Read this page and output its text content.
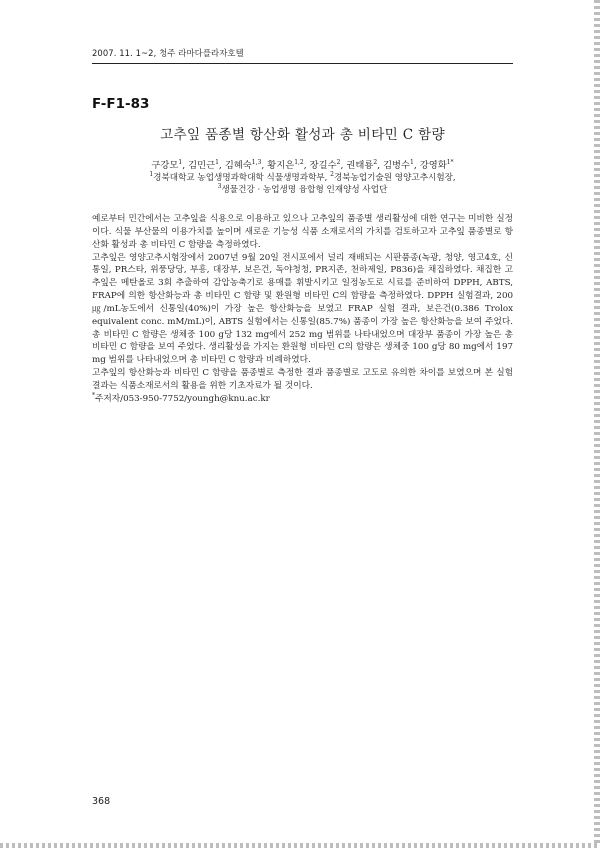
2007. 11. 1~2, 청주 라마다플라자호텔
F-F1-83
고추잎 품종별 항산화 활성과 총 비타민 C 함량
구강모$^1$, 김민근$^1$, 김혜숙$^{1,3}$, 황지은$^{1,2}$, 장길수$^2$, 권태룡$^2$, 김병수$^1$, 강영화$^{1*}$
$^1$경북대학교 농업생명과학대학 식물생명과학부, $^2$경북농업기술원 영양고추시험장,
$^3$생물건강 · 농업생명 융합형 인재양성 사업단

예로부터 민간에서는 고추잎을 식용으로 이용하고 있으나 고추잎의 품종별 생리활성에 대한 연구는 미비한 실정이다. 식물 부산물의 이용가치를 높이며 새로운 기능성 식품 소재로서의 가치를 검토하고자 고추잎 품종별로 항산화 활성과 총 비타민 C 함량을 측정하였다.

고추잎은 영양고추시험장에서 2007년 9월 20일 전시포에서 널리 재배되는 시판품종(녹광, 청양, 영고4호, 신통일, PR스타, 위풍당당, 부흥, 대장부, 보은건, 독야청청, PR지존, 천하제일, P836)을 채집하였다. 채집한 고추잎은 메탄올로 3회 추출하여 감압농축기로 용매를 휘발시키고 일정농도로 시료를 준비하여 DPPH, ABTS, FRAP에 의한 항산화능과 총 비타민 C 함량 및 환원형 비타민 C의 함량을 측정하였다. DPPH 실험결과, 200 ㎍/mL농도에서 신통일(40%)이 가장 높은 항산화능을 보였고 FRAP 실험 결과, 보은건(0.386 Trolox equivalent conc. mM/mL)이, ABTS 실험에서는 신통일(85.7%) 품종이 가장 높은 항산화능을 보여 주었다. 총 비타민 C 함량은 생체중 100 g당 132 mg에서 252 mg 범위를 나타내었으며 대장부 품종이 가장 높은 총 비타민 C 함량을 보여 주었다. 생리활성을 가지는 환원형 비타민 C의 함량은 생체중 100 g당 80 mg에서 197 mg 범위를 나타내었으며 총 비타민 C 함량과 비례하였다.

고추잎의 항산화능과 비타민 C 함량을 품종별로 측정한 결과 품종별로 고도로 유의한 차이를 보였으며 본 실험 결과는 식품소재로서의 활용을 위한 기초자료가 될 것이다.

*주저자/053-950-7752/youngh@knu.ac.kr

368
